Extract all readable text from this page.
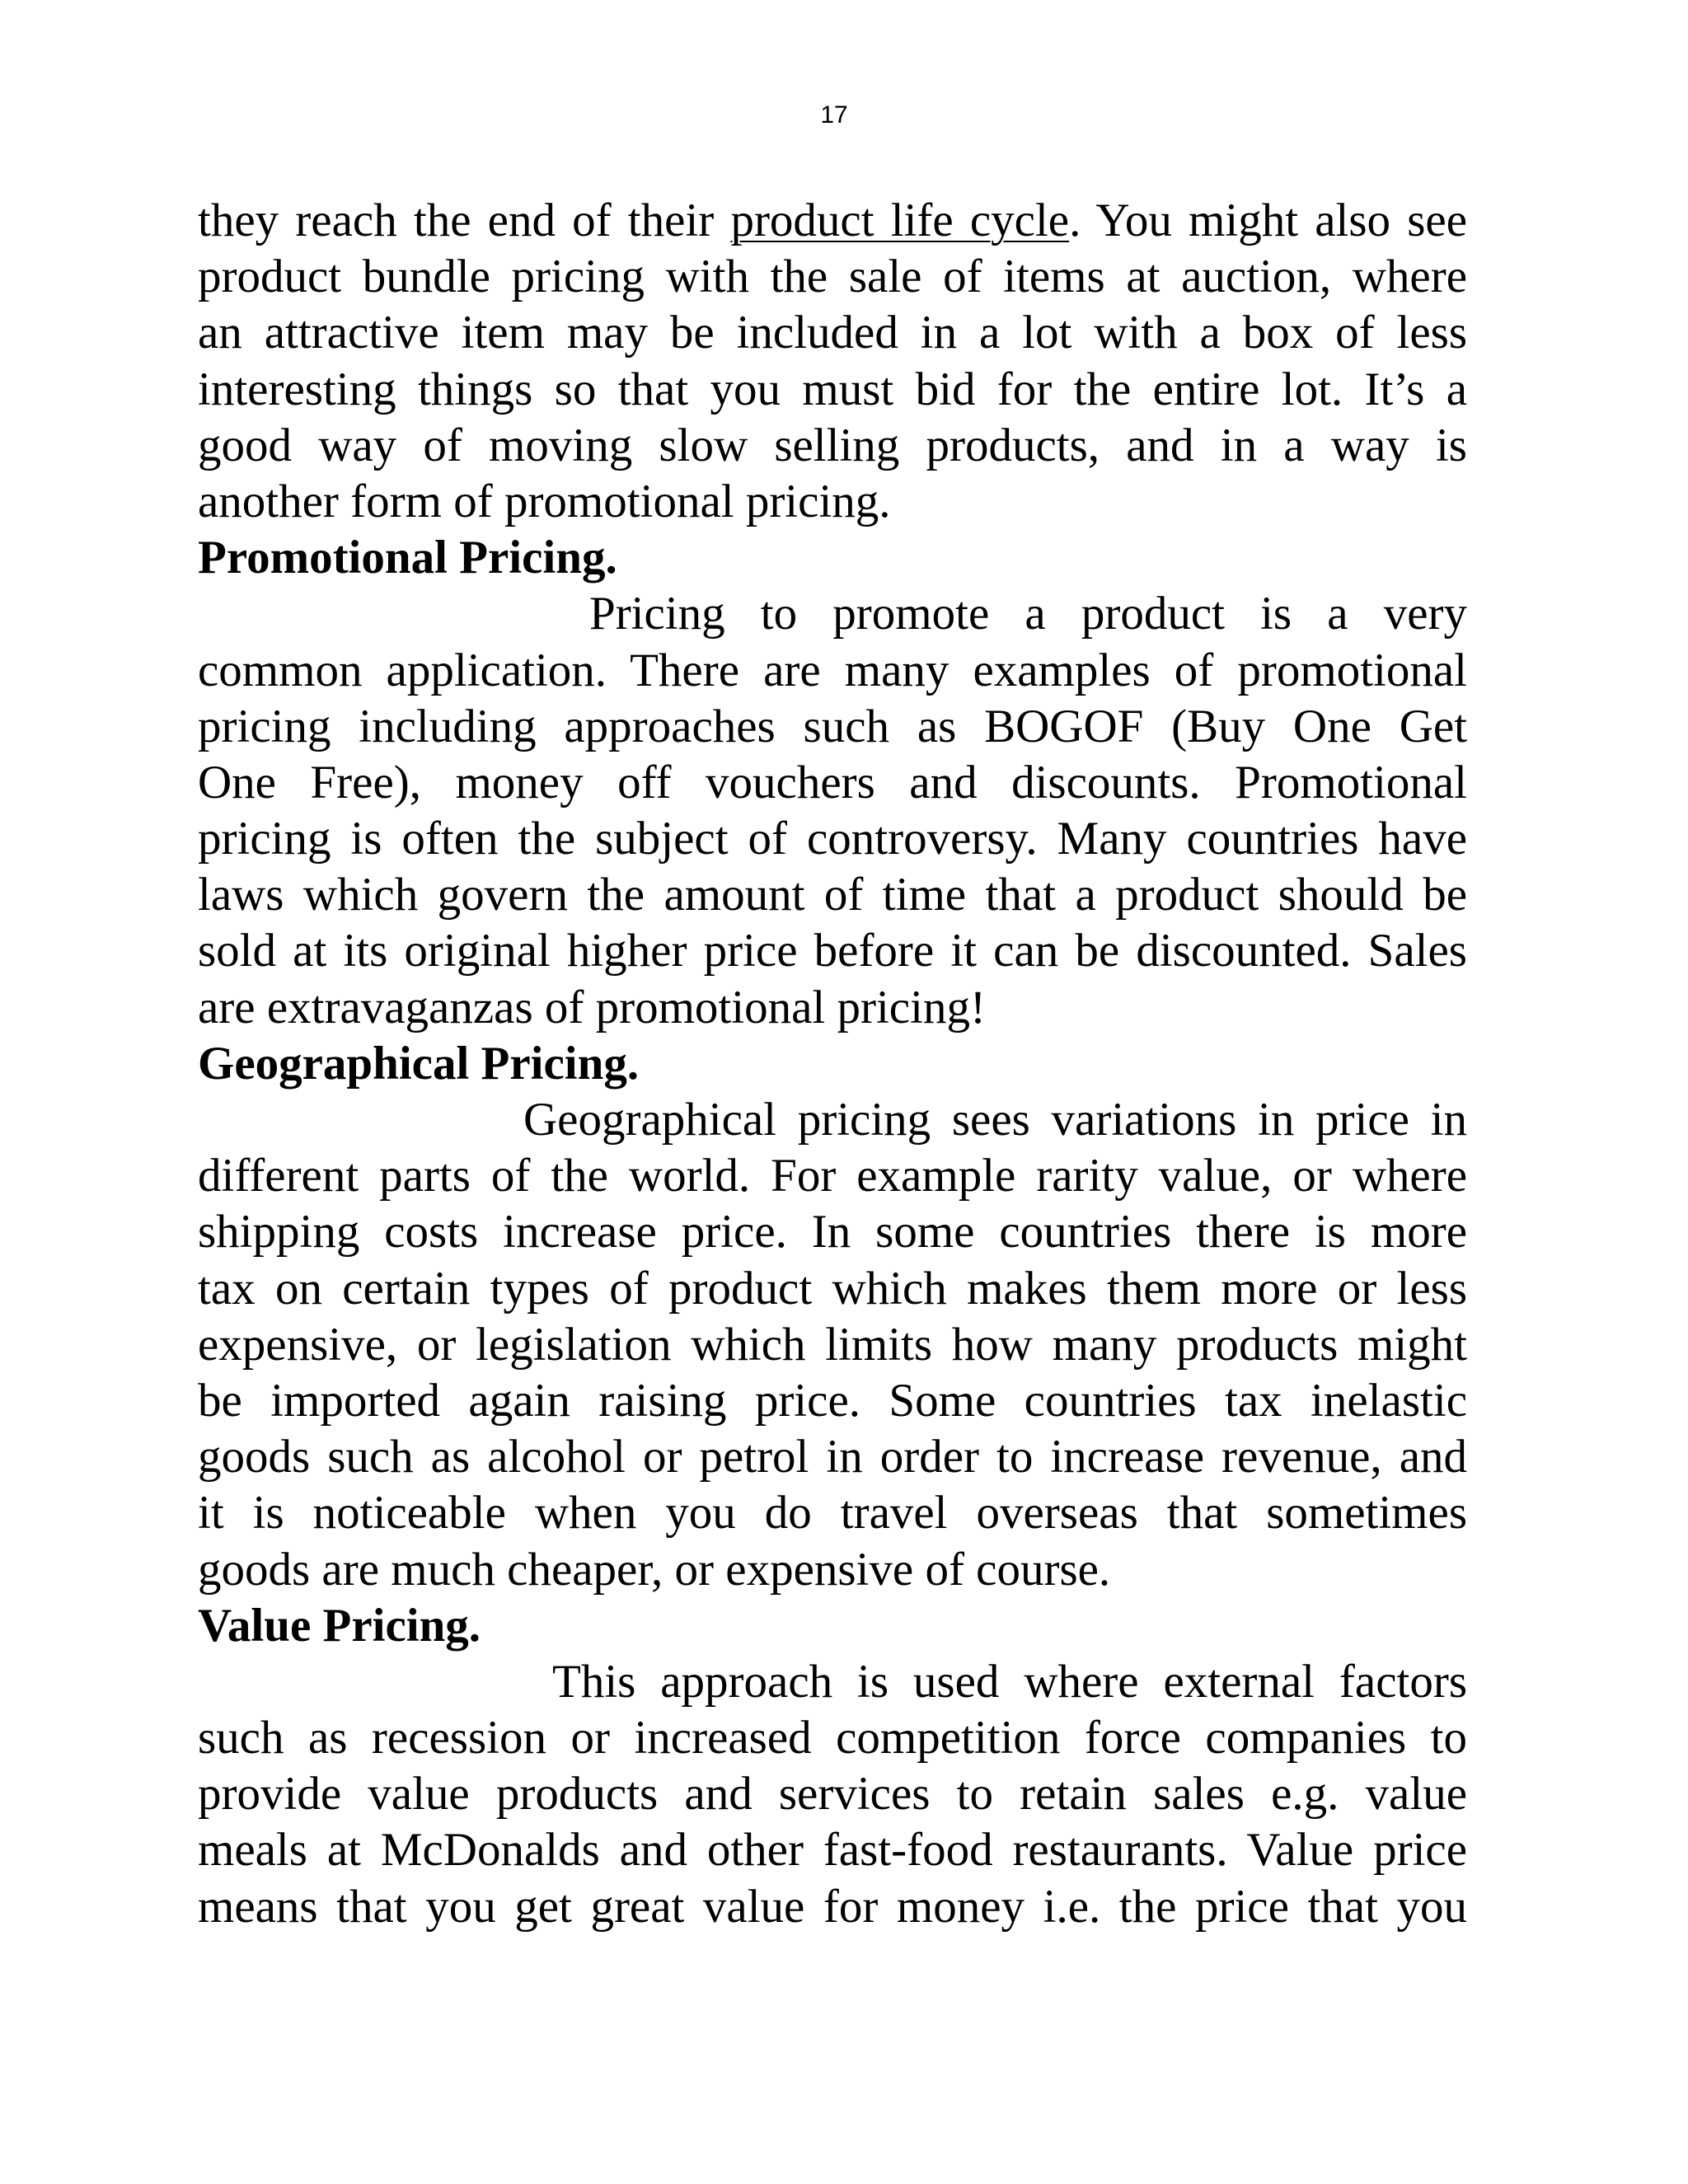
17
they reach the end of their product life cycle. You might also see
product bundle pricing with the sale of items at auction, where
an attractive item may be included in a lot with a box of less
interesting things so that you must bid for the entire lot. It’s a
good way of moving slow selling products, and in a way is
another form of promotional pricing.
Promotional Pricing.
Pricing to promote a product is a very
common application. There are many examples of promotional
pricing including approaches such as BOGOF (Buy One Get
One Free), money off vouchers and discounts. Promotional
pricing is often the subject of controversy. Many countries have
laws which govern the amount of time that a product should be
sold at its original higher price before it can be discounted. Sales
are extravaganzas of promotional pricing!
Geographical Pricing.
Geographical pricing sees variations in price in
different parts of the world. For example rarity value, or where
shipping costs increase price. In some countries there is more
tax on certain types of product which makes them more or less
expensive, or legislation which limits how many products might
be imported again raising price. Some countries tax inelastic
goods such as alcohol or petrol in order to increase revenue, and
it is noticeable when you do travel overseas that sometimes
goods are much cheaper, or expensive of course.
Value Pricing.
This approach is used where external factors
such as recession or increased competition force companies to
provide value products and services to retain sales e.g. value
meals at McDonalds and other fast-food restaurants. Value price
means that you get great value for money i.e. the price that you
